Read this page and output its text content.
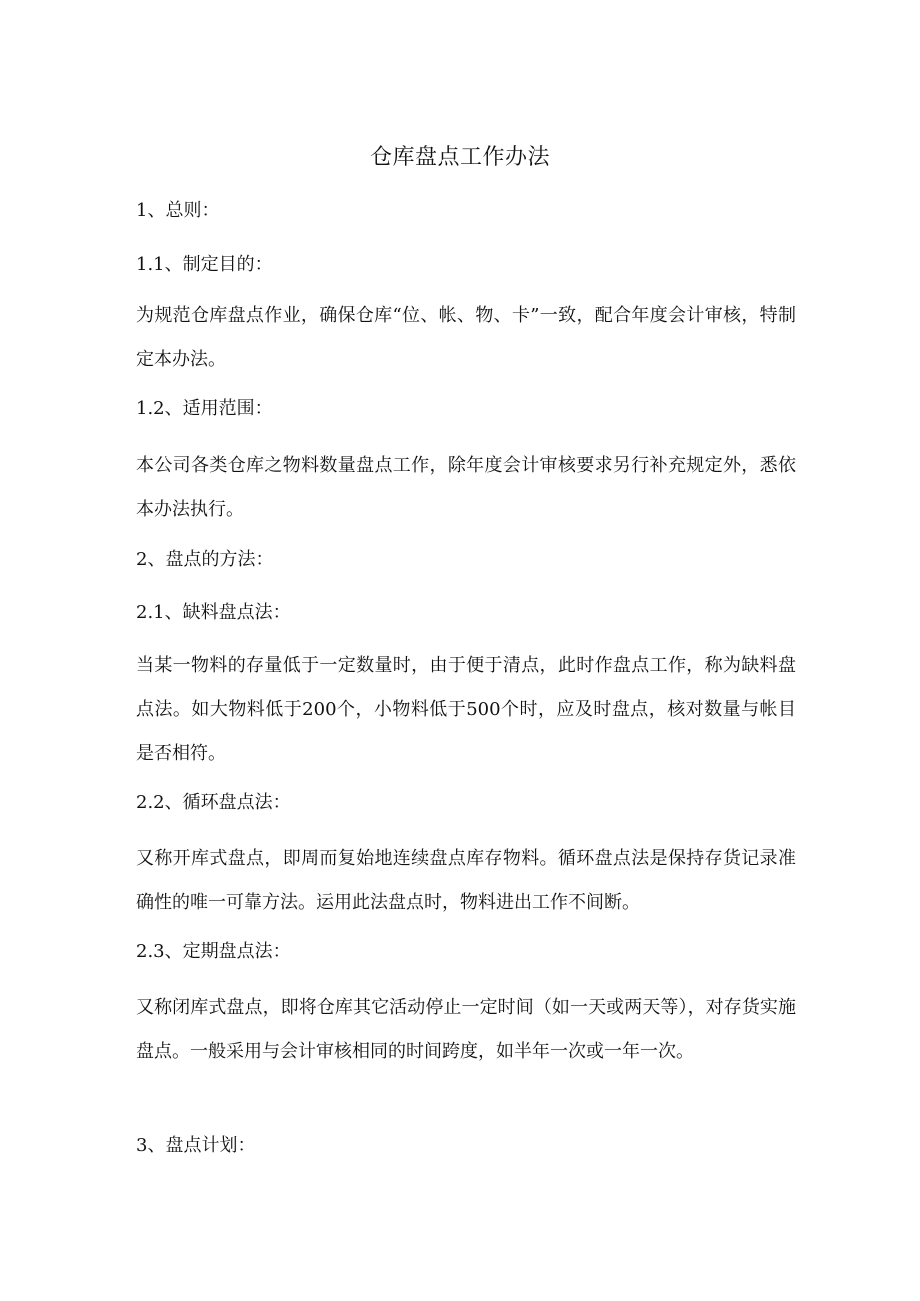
仓库盘点工作办法
1、总则：
1.1、制定目的：
为规范仓库盘点作业，确保仓库“位、帐、物、卡”一致，配合年度会计审核，特制定本办法。
1.2、适用范围：
本公司各类仓库之物料数量盘点工作，除年度会计审核要求另行补充规定外，悉依本办法执行。
2、盘点的方法：
2.1、缺料盘点法：
当某一物料的存量低于一定数量时，由于便于清点，此时作盘点工作，称为缺料盘点法。如大物料低于200个，小物料低于500个时，应及时盘点，核对数量与帐目是否相符。
2.2、循环盘点法：
又称开库式盘点，即周而复始地连续盘点库存物料。循环盘点法是保持存货记录准确性的唯一可靠方法。运用此法盘点时，物料进出工作不间断。
2.3、定期盘点法：
又称闭库式盘点，即将仓库其它活动停止一定时间（如一天或两天等），对存货实施盘点。一般采用与会计审核相同的时间跨度，如半年一次或一年一次。
3、盘点计划：
